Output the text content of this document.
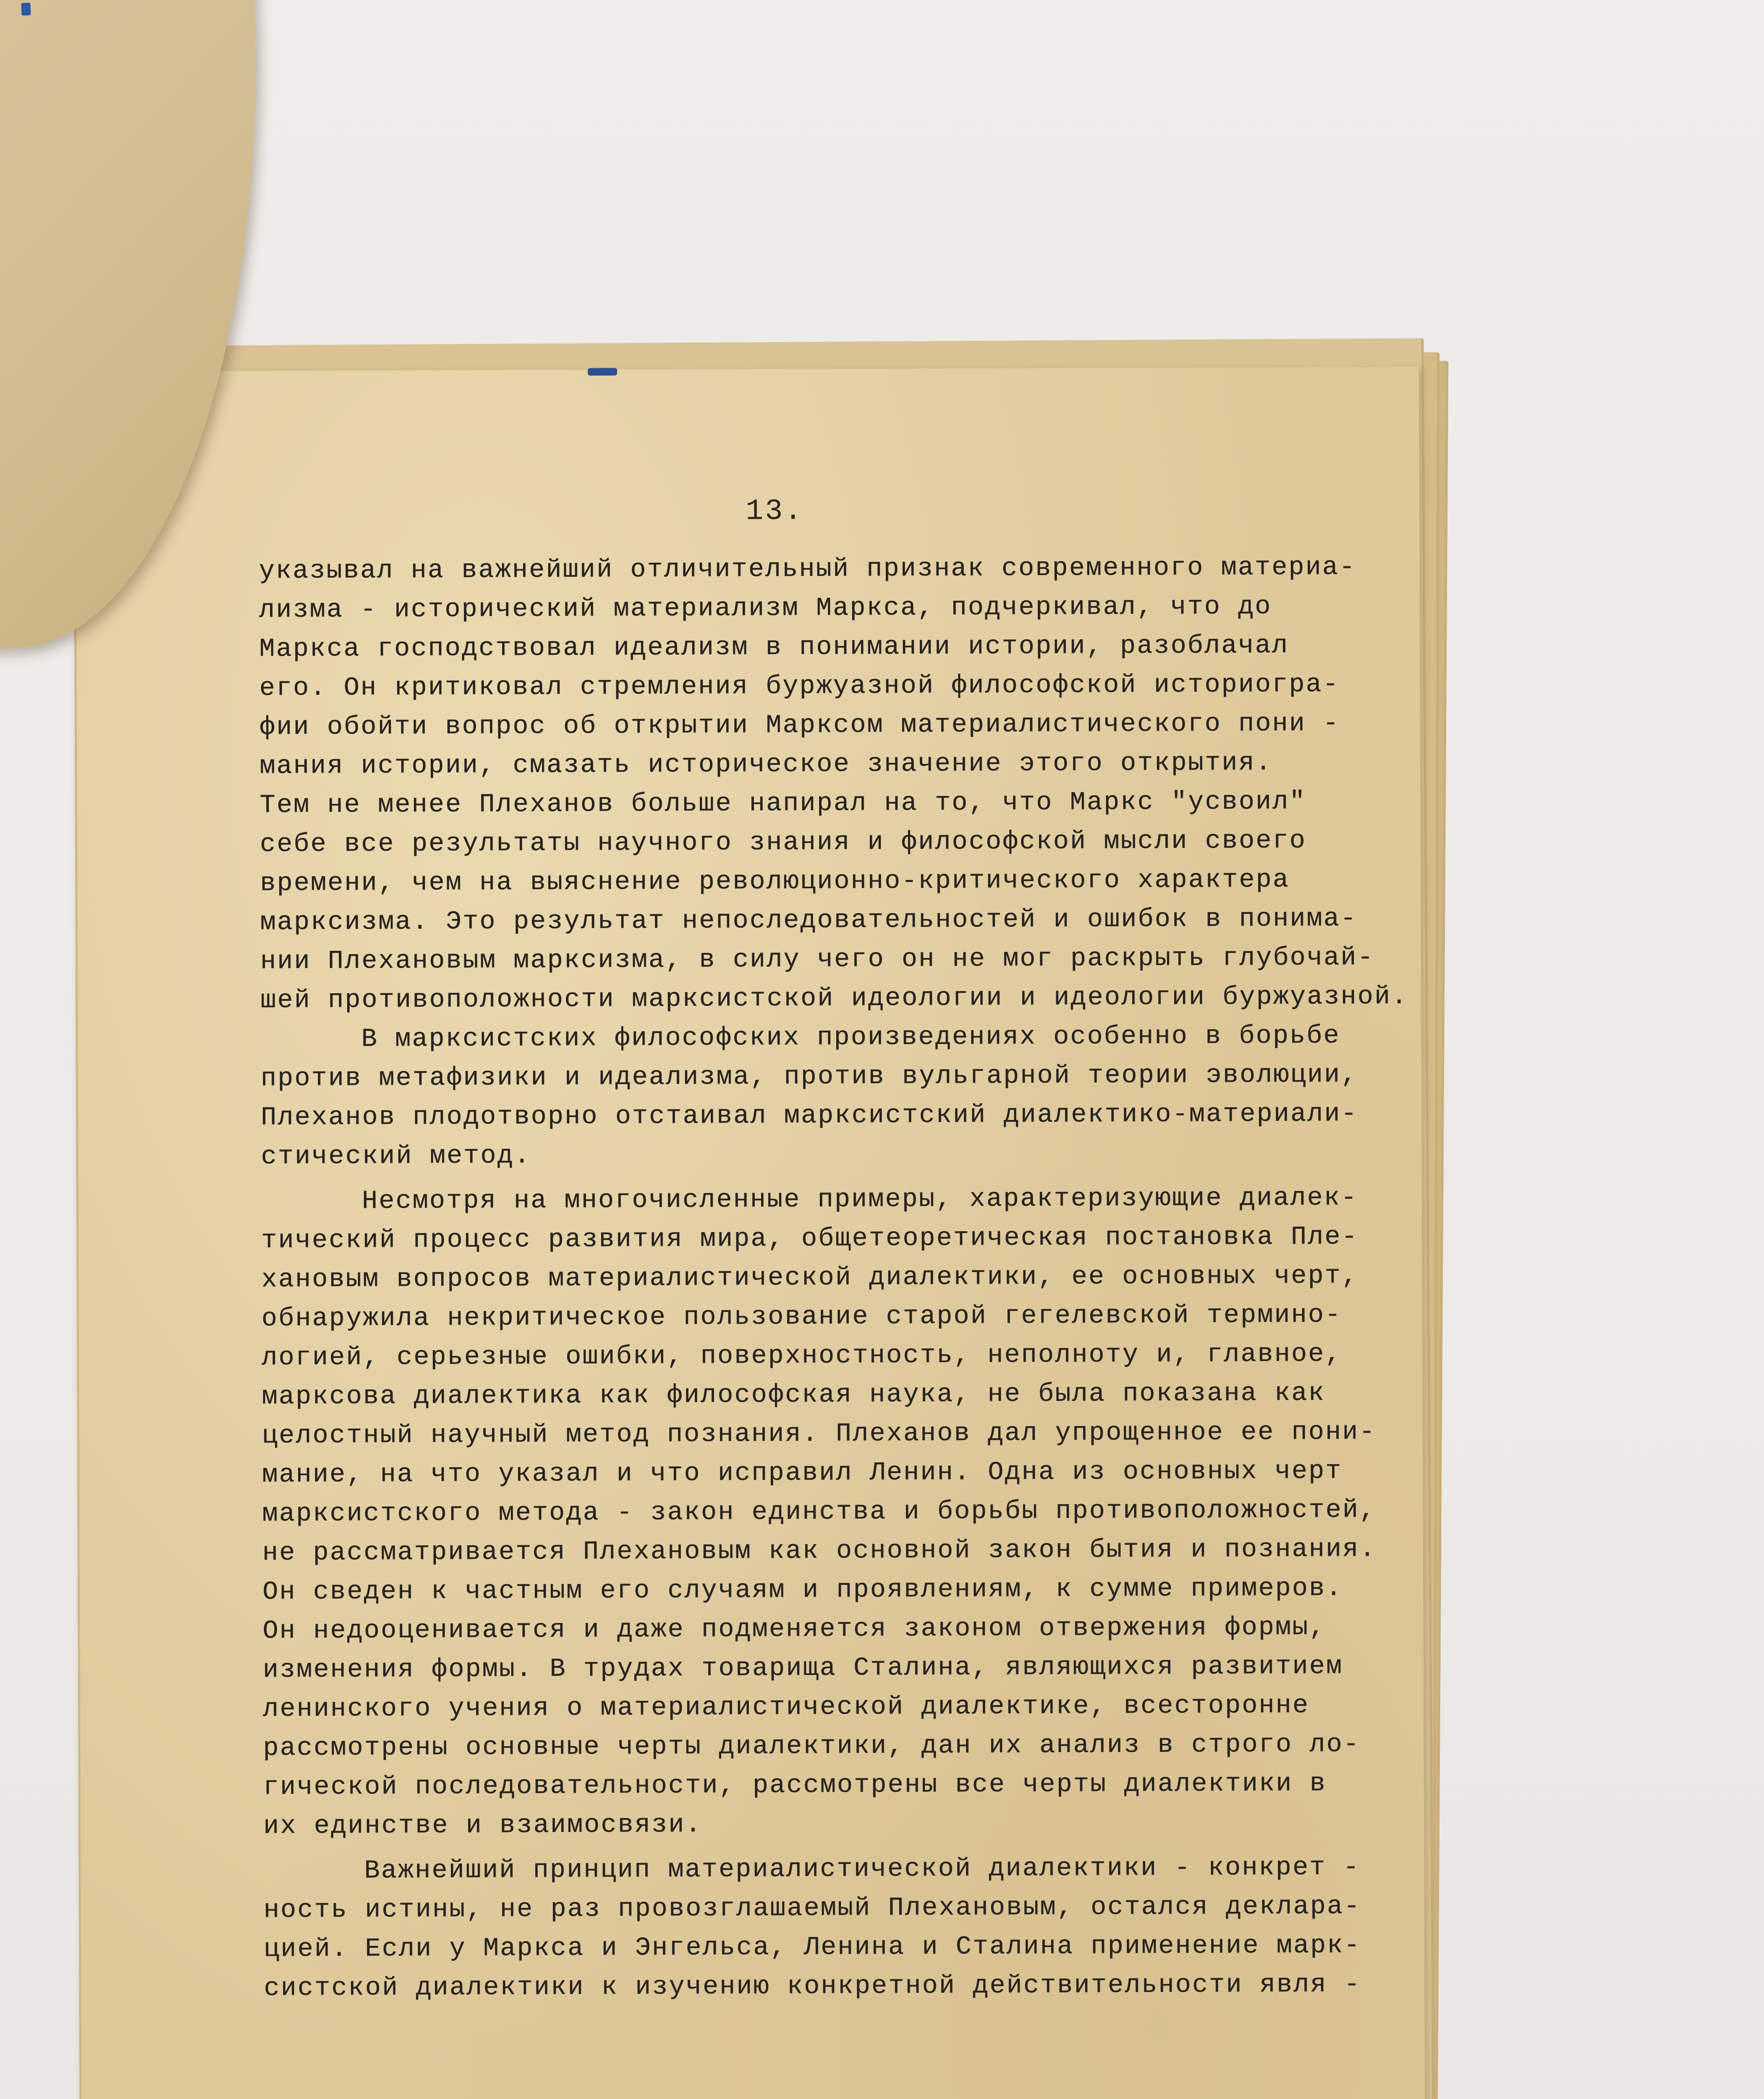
13.
указывал на важнейший отличительный признак современного материа-
лизма - исторический материализм Маркса, подчеркивал, что до
Маркса господствовал идеализм в понимании истории, разоблачал
его. Он критиковал стремления буржуазной философской историогра-
фии обойти вопрос об открытии Марксом материалистического пони -
мания истории, смазать историческое значение этого открытия.
Тем не менее Плеханов больше напирал на то, что Маркс "усвоил"
себе все результаты научного знания и философской мысли своего
времени, чем на выяснение революционно-критического характера
марксизма. Это результат непоследовательностей и ошибок в понима-
нии Плехановым марксизма, в силу чего он не мог раскрыть глубочай-
шей противоположности марксистской идеологии и идеологии буржуазной.
В марксистских философских произведениях особенно в борьбе
против метафизики и идеализма, против вульгарной теории эволюции,
Плеханов плодотворно отстаивал марксистский диалектико-материали-
стический метод.
Несмотря на многочисленные примеры, характеризующие диалек-
тический процесс развития мира, общетеоретическая постановка Пле-
хановым вопросов материалистической диалектики, ее основных черт,
обнаружила некритическое пользование старой гегелевской термино-
логией, серьезные ошибки, поверхностность, неполноту и, главное,
марксова диалектика как философская наука, не была показана как
целостный научный метод познания. Плеханов дал упрощенное ее пони-
мание, на что указал и что исправил Ленин. Одна из основных черт
марксистского метода - закон единства и борьбы противоположностей,
не рассматривается Плехановым как основной закон бытия и познания.
Он сведен к частным его случаям и проявлениям, к сумме примеров.
Он недооценивается и даже подменяется законом отвержения формы,
изменения формы. В трудах товарища Сталина, являющихся развитием
ленинского учения о материалистической диалектике, всесторонне
рассмотрены основные черты диалектики, дан их анализ в строго ло-
гической последовательности, рассмотрены все черты диалектики в
их единстве и взаимосвязи.
Важнейший принцип материалистической диалектики - конкрет -
ность истины, не раз провозглашаемый Плехановым, остался деклара-
цией. Если у Маркса и Энгельса, Ленина и Сталина применение марк-
систской диалектики к изучению конкретной действительности явля -
